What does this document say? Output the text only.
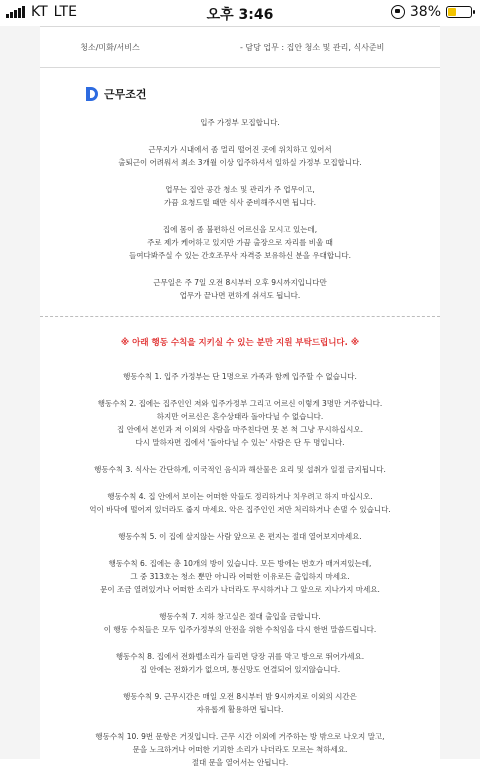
KT LTE	오후 3:46	38%
청소/미화/서비스	- 담당 업무 : 집안 청소 및 관리, 식사준비
근무조건

입주 가정부 모집합니다.

근무지가 시내에서 좀 멀리 떨어진 곳에 위치하고 있어서
출퇴근이 어려워서 최소 3개월 이상 입주하셔서 일하실 가정부 모집합니다.

업무는 집안 공간 청소 및 관리가 주 업무이고,
가끔 요청드릴 때만 식사 준비해주시면 됩니다.

집에 몸이 좀 불편하신 어르신을 모시고 있는데,
주로 제가 케어하고 있지만 가끔 출장으로 자리를 비울 때
들여다봐주실 수 있는 간호조무사 자격증 보유하신 분을 우대합니다.

근무일은 주 7일 오전 8시부터 오후 9시까지입니다만
업무가 끝나면 편하게 쉬셔도 됩니다.

※ 아래 행동 수칙을 지키실 수 있는 분만 지원 부탁드립니다. ※

행동수칙 1. 입주 가정부는 단 1명으로 가족과 함께 입주할 수 없습니다.

행동수칙 2. 집에는 집주인인 저와 입주가정부 그리고 어르신 이렇게 3명만 거주합니다.
하지만 어르신은 혼수상태라 돌아다닐 수 없습니다.
집 안에서 본인과 저 이외의 사람을 마주친다면 못 본 척 그냥 무시하십시오.
다시 말하자면 집에서 '돌아다닐 수 있는' 사람은 단 두 명입니다.

행동수칙 3. 식사는 간단하게, 이국적인 음식과 해산물은 요리 및 섭취가 일절 금지됩니다.

행동수칙 4. 집 안에서 보이는 어떠한 악들도 정리하거나 치우려고 하지 마십시오.
억이 바닥에 떨어져 있더라도 줍지 마세요. 악은 집주인인 저만 처리하거나 손댈 수 있습니다.

행동수칙 5. 이 집에 살지않는 사람 앞으로 온 편지는 절대 열어보지마세요.

행동수칙 6. 집에는 총 10개의 방이 있습니다. 모든 방에는 번호가 매겨져있는데,
그 중 313호는 청소 뿐만 아니라 어떠한 이유로든 출입하지 마세요.
문이 조금 열려있거나 어떠한 소리가 나더라도 무시하거나 그 앞으로 지나가지 마세요.

행동수칙 7. 지하 창고실은 절대 출입을 금합니다.
이 행동 수칙들은 모두 입주가정부의 안전을 위한 수칙임을 다시 한번 말씀드립니다.

행동수칙 8. 집에서 전화벨소리가 들리면 당장 귀를 막고 방으로 뛰어가세요.
집 안에는 전화기가 없으며, 통신망도 연결되어 있지않습니다.

행동수칙 9. 근무시간은 매일 오전 8시부터 밤 9시까지로 이외의 시간은
자유롭게 활용하면 됩니다.

행동수칙 10. 9번 문항은 거짓입니다. 근무 시간 이외에 거주하는 방 밖으로 나오지 말고,
문을 노크하거나 어떠한 기괴한 소리가 나더라도 모르는 척하세요.
절대 문을 열어서는 안됩니다.
